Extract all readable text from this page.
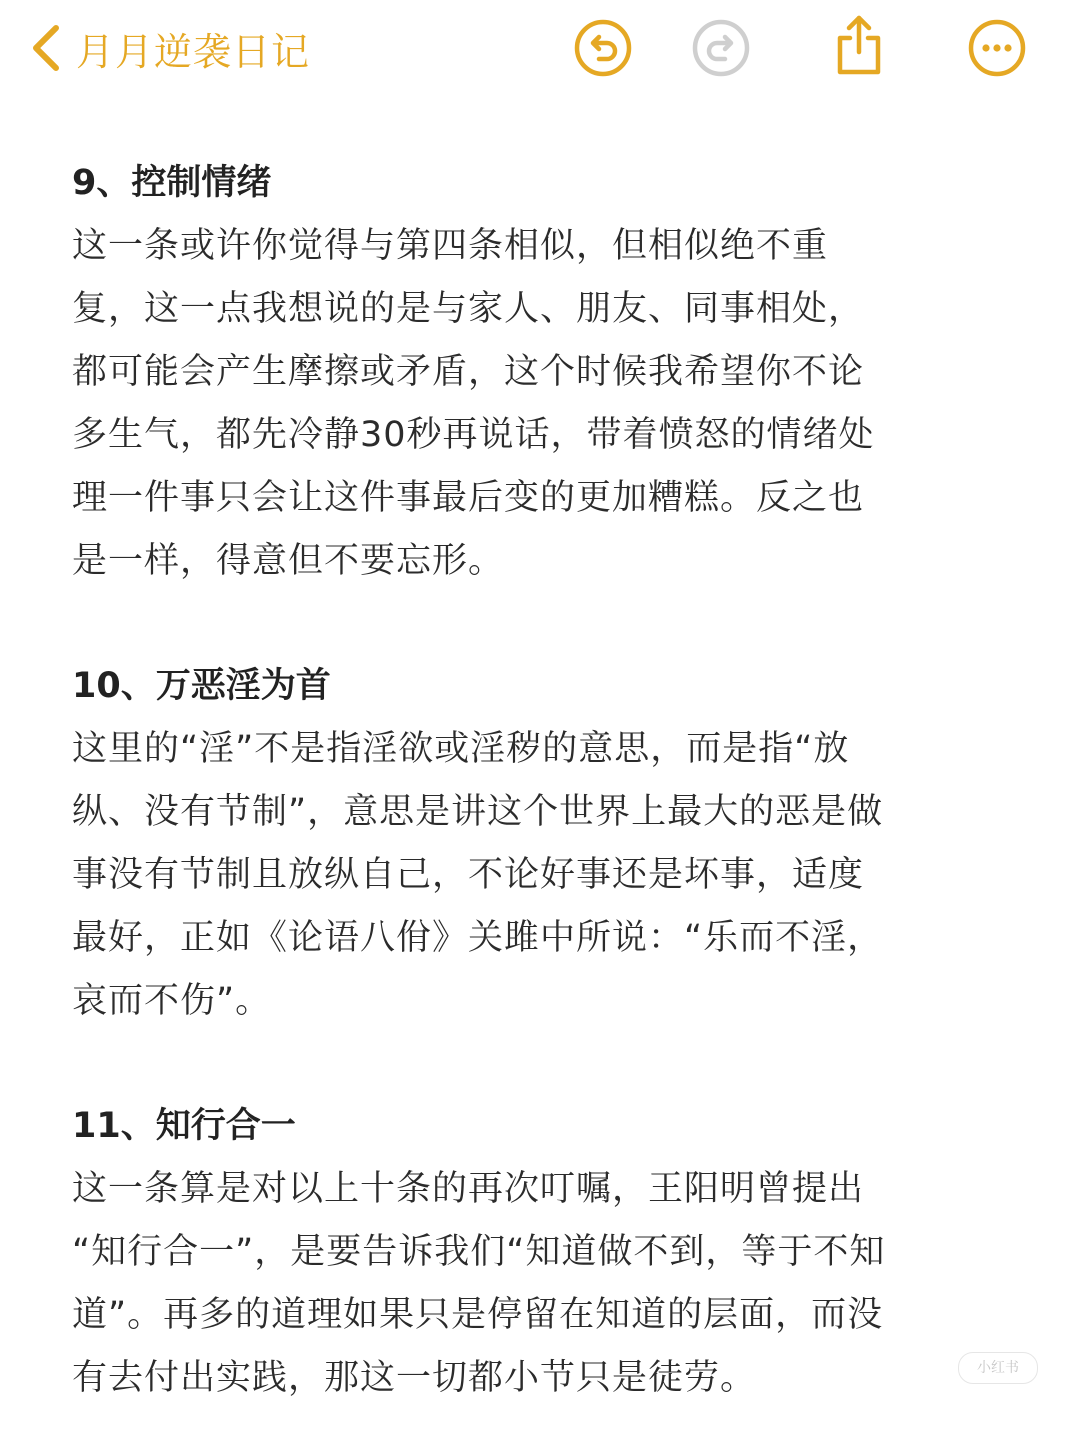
月月逆袭日记
9、控制情绪

这一条或许你觉得与第四条相似，但相似绝不重
复，这一点我想说的是与家人、朋友、同事相处，
都可能会产生摩擦或矛盾，这个时候我希望你不论
多生气，都先冷静30秒再说话，带着愤怒的情绪处
理一件事只会让这件事最后变的更加糟糕。反之也
是一样，得意但不要忘形。

10、万恶淫为首

这里的“淫”不是指淫欲或淫秽的意思，而是指“放
纵、没有节制”，意思是讲这个世界上最大的恶是做
事没有节制且放纵自己，不论好事还是坏事，适度
最好，正如《论语八佾》关雎中所说：“乐而不淫，
哀而不伤”。

11、知行合一

这一条算是对以上十条的再次叮嘱，王阳明曾提出
“知行合一”，是要告诉我们“知道做不到，等于不知
道”。再多的道理如果只是停留在知道的层面，而没
有去付出实践，那这一切都小节只是徒劳。	小红书
